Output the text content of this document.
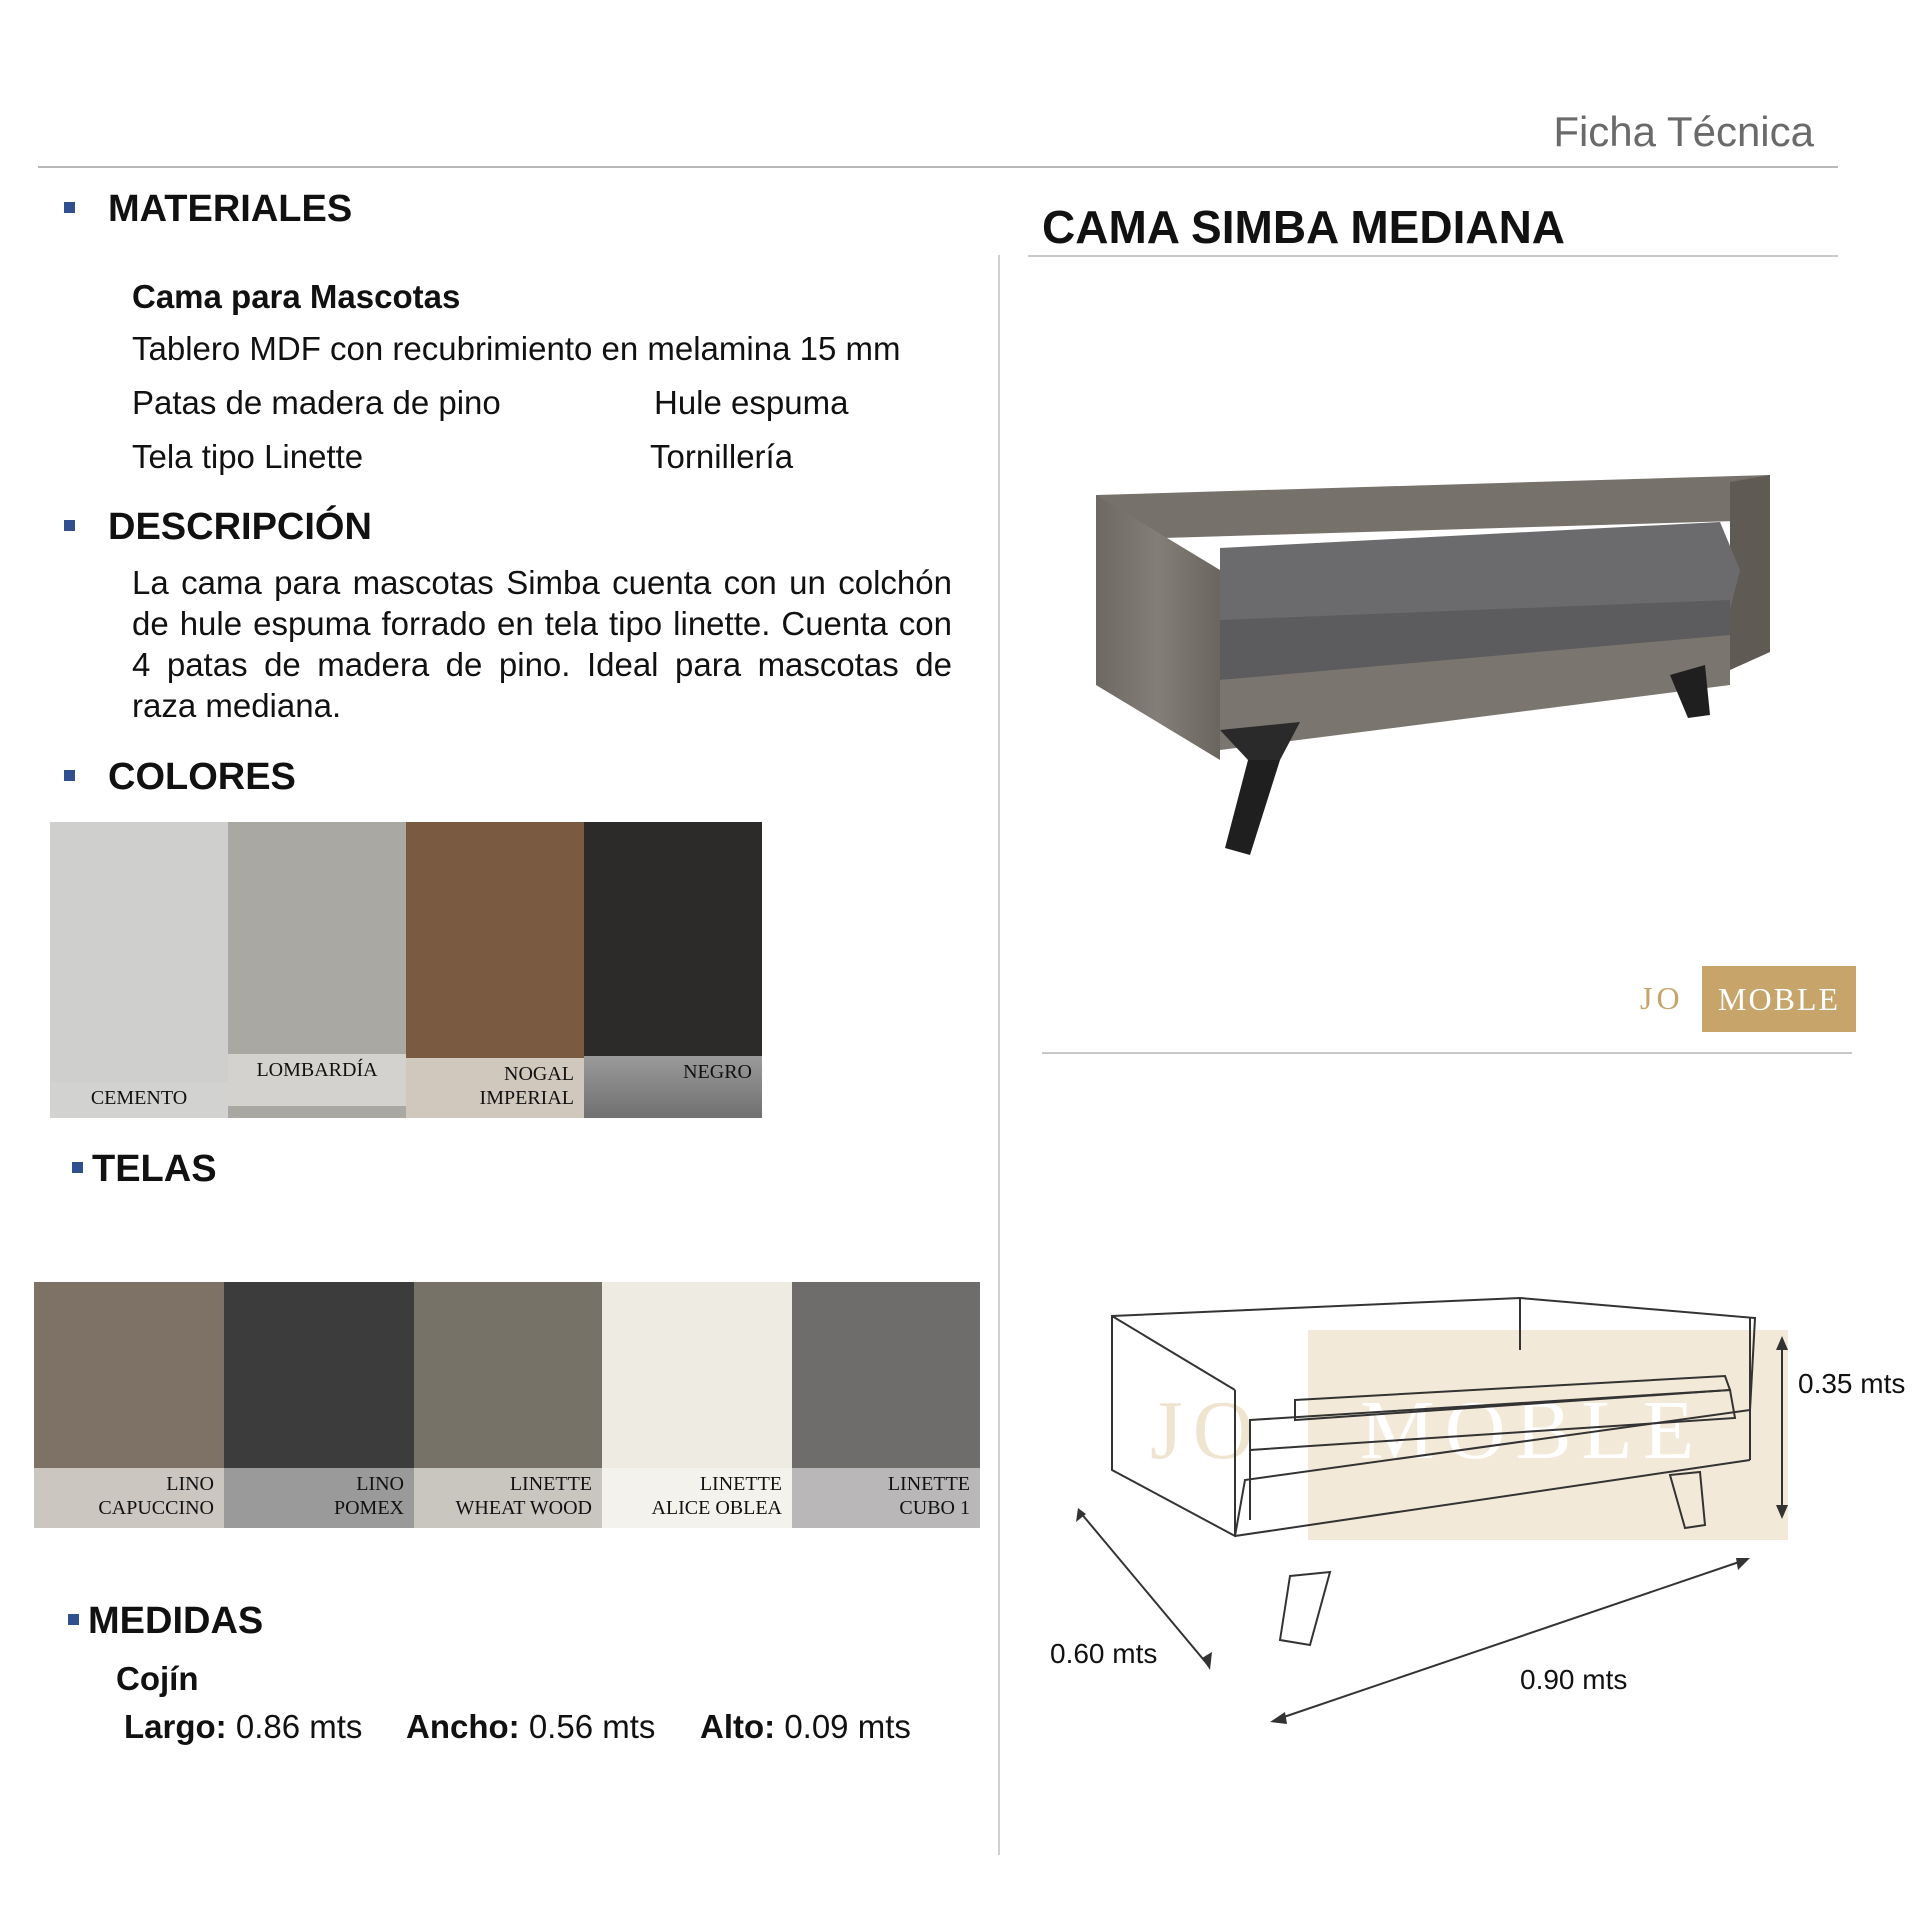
Ficha Técnica
MATERIALES
Cama para Mascotas
Tablero MDF con recubrimiento en melamina 15 mm
Patas de madera de pino	Hule espuma
Tela tipo Linette	Tornillería
DESCRIPCIÓN
La cama para mascotas Simba cuenta con un colchón de hule espuma forrado en tela tipo linette. Cuenta con 4 patas de madera de pino. Ideal para mascotas de raza mediana.
COLORES
CEMENTO
LOMBARDÍA	NOGAL
IMPERIAL
NEGRO
TELAS
LINO
CAPUCCINO
LINO
POMEX
LINETTE
WHEAT WOOD
LINETTE
ALICE OBLEA
LINETTE
CUBO 1
MEDIDAS
Cojín
Largo: 0.86 mts Ancho: 0.56 mts Alto: 0.09 mts
CAMA SIMBA MEDIANA
JO	MOBLE
JO MOBLE
0.35 mts
0.60 mts
0.90 mts
